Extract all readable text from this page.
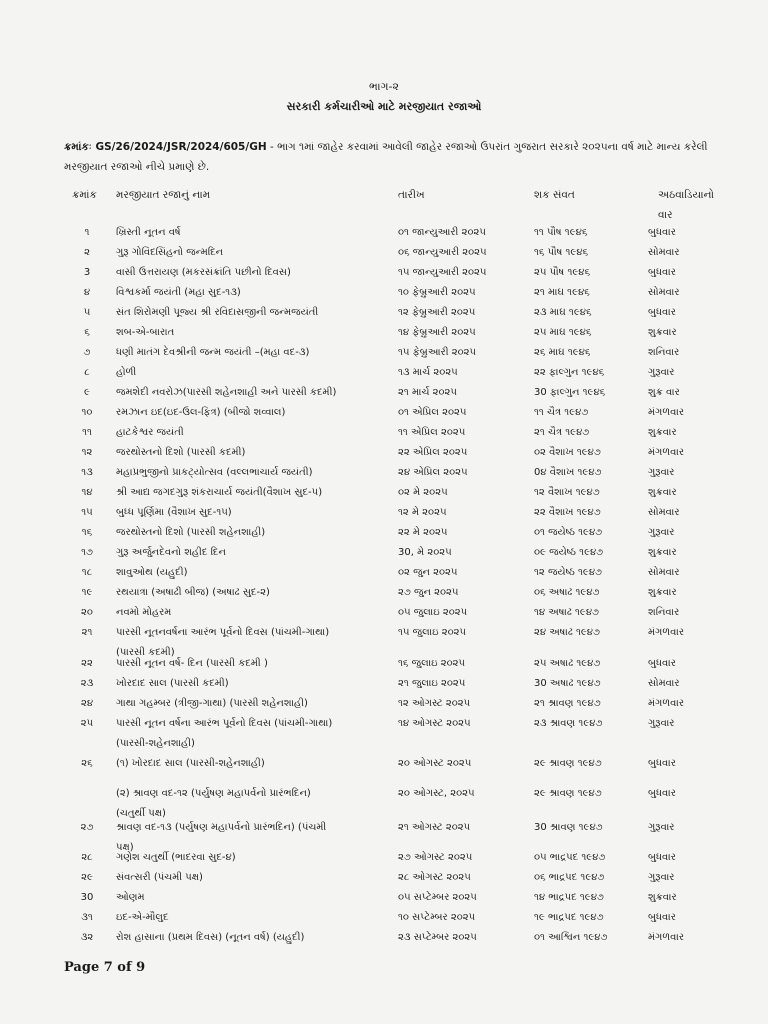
ભાગ-૨
સરકારી કર્મચારીઓ માટે મરજીયાત રજાઓ
ક્રમાંકઃ GS/26/2024/JSR/2024/605/GH - ભાગ ૧માં જાહેર કરવામાં આવેલી જાહેર રજાઓ ઉપરાંત ગુજરાત સરકારે ૨૦૨૫ના વર્ષ માટે માન્ય કરેલી મરજીયાત રજાઓ નીચે પ્રમાણે છે.
ક્રમાંક મરજીયાત રજાનું નામ	તારીખ	શક સંવત	અઠવાડિયાનો
વાર
૧	ખ્રિસ્તી નૂતન વર્ષ	૦૧ જાન્યુઆરી ૨૦૨૫	૧૧ પૌષ ૧૯૪૬	બુધવાર
૨	ગુરૂ ગોવિંદસિંહનો જન્મદિન	૦૬ જાન્યુઆરી ૨૦૨૫	૧૬ પૌષ ૧૯૪૬	સોમવાર
3	વાસી ઉત્તરાયણ (મકરસંક્રાંતિ પછીનો દિવસ)	૧૫ જાન્યુઆરી ૨૦૨૫	૨૫ પૌષ ૧૯૪૬	બુધવાર
૪	વિશ્વકર્મા જયંતી (મહા સુદ-૧૩)	૧૦ ફેબ્રુઆરી ૨૦૨૫	૨૧ માઘ ૧૯૪૬	સોમવાર
૫	સંત શિરોમણી પૂજ્ય શ્રી રવિદાસજીની જન્મજયંતી	૧૨ ફેબ્રુઆરી ૨૦૨૫	૨૩ માઘ ૧૯૪૬	બુધવાર
૬	શબ-એ-બારાત	૧૪ ફેબ્રુઆરી ૨૦૨૫	૨૫ માઘ ૧૯૪૬	શુક્રવાર
૭	ધણી માતંગ દેવશ્રીની જન્મ જયંતી –(મહા વદ-૩)	૧૫ ફેબ્રુઆરી ૨૦૨૫	૨૬ માઘ ૧૯૪૬	શનિવાર
૮	હોળી	૧૩ માર્ચ ૨૦૨૫	૨૨ ફાલ્ગુન ૧૯૪૬	ગુરૂવાર
૯	જમશેદી નવરોઝ(પારસી શહેનશાહી અને પારસી કદમી)	૨૧ માર્ચ ૨૦૨૫	30 ફાલ્ગુન ૧૯૪૬	શુક્ર વાર
૧૦	રમઝાન ઇદ(ઇદ-ઉલ-ફિત્ર) (બીજો શવ્વાલ)	૦૧ એપ્રિલ ૨૦૨૫	૧૧ ચૈત્ર ૧૯૪૭	મંગળવાર
૧૧	હાટકેશ્વર જયંતી	૧૧ એપ્રિલ ૨૦૨૫	૨૧ ચૈત્ર ૧૯૪૭	શુક્રવાર
૧૨	જરથોસ્તનો દિશો (પારસી કદમી)	૨૨ એપ્રિલ ૨૦૨૫	૦૨ વૈશાખ ૧૯૪૭	મંગળવાર
૧૩	મહાપ્રભુજીનો પ્રાકટ્યોત્સવ (વલ્લભાચાર્ય જયંતી)	૨૪ એપ્રિલ ૨૦૨૫	0૪ વૈશાખ ૧૯૪૭	ગુરૂવાર
૧૪	શ્રી આદ્ય જગદગુરૂ શંકરાચાર્ય જયંતી(વૈશાખ સુદ-૫)	૦૨ મે ૨૦૨૫	૧૨ વૈશાખ ૧૯૪૭	શુક્રવાર
૧૫	બુધ્ધ પૂર્ણિમા (વૈશાખ સુદ-૧૫)	૧૨ મે ૨૦૨૫	૨૨ વૈશાખ ૧૯૪૭	સોમવાર
૧૬	જરથોસ્તનો દિશો (પારસી શહેનશાહી)	૨૨ મે ૨૦૨૫	૦૧ જયેષ્ઠ ૧૯૪૭	ગુરૂવાર
૧૭	ગુરૂ અર્જુનદેવનો શહીદ દિન	30, મે ૨૦૨૫	૦૯ જયેષ્ઠ ૧૯૪૭	શુક્રવાર
૧૮	શાવુઓથ (યહુદી)	૦૨ જુન ૨૦૨૫	૧૨ જયેષ્ઠ ૧૯૪૭	સોમવાર
૧૯	રથયાત્રા (અષાઢી બીજ) (અષાઢ સુદ-૨)	૨૭ જુન ૨૦૨૫	૦૬ અષાઢ ૧૯૪૭	શુક્રવાર
૨૦	નવમો મોહરમ	૦૫ જુલાઇ ૨૦૨૫	૧૪ અષાઢ ૧૯૪૭	શનિવાર
૨૧	પારસી નૂતનવર્ષના આરંભ પૂર્વનો દિવસ (પાંચમી-ગાથા)	૧૫ જુલાઇ ૨૦૨૫	૨૪ અષાઢ ૧૯૪૭	મંગળવાર
(પારસી કદમી)
૨૨	પારસી નૂતન વર્ષ- દિન (પારસી કદમી )	૧૬ જુલાઇ ૨૦૨૫	૨૫ અષાઢ ૧૯૪૭	બુધવાર
૨૩	ખોરદાદ સાલ (પારસી કદમી)	૨૧ જુલાઇ ૨૦૨૫	30 અષાઢ ૧૯૪૭	સોમવાર
૨૪	ગાથા ગહમ્બર (ત્રીજી-ગાથા) (પારસી શહેનશાહી)	૧૨ ઓગસ્ટ ૨૦૨૫	૨૧ શ્રાવણ ૧૯૪૭	મંગળવાર
૨૫	પારસી નૂતન વર્ષના આરંભ પૂર્વનો દિવસ (પાંચમી-ગાથા)	૧૪ ઓગસ્ટ ૨૦૨૫	૨૩ શ્રાવણ ૧૯૪૭	ગુરૂવાર
(પારસી-શહેનશાહી)
૨૬	(૧) ખોરદાદ સાલ (પારસી-શહેનશાહી)	૨૦ ઓગસ્ટ ૨૦૨૫	૨૯ શ્રાવણ ૧૯૪૭	બુધવાર
(૨) શ્રાવણ વદ-૧૨ (પર્યુષણ મહાપર્વનો પ્રારંભદિન)	૨૦ ઓગસ્ટ, ૨૦૨૫	૨૯ શ્રાવણ ૧૯૪૭	બુધવાર
(ચતુર્થી પક્ષ)
૨૭	શ્રાવણ વદ-૧૩ (પર્યુષણ મહાપર્વનો પ્રારંભદિન) (પંચમી	૨૧ ઓગસ્ટ ૨૦૨૫	30 શ્રાવણ ૧૯૪૭	ગુરૂવાર
પક્ષ)
૨૮	ગણેશ ચતુર્થી (ભાદરવા સુદ-૪)	૨૭ ઓગસ્ટ ૨૦૨૫	૦૫ ભાદ્રપદ ૧૯૪૭	બુધવાર
૨૯	સંવત્સરી (પંચમી પક્ષ)	૨૮ ઓગસ્ટ ૨૦૨૫	૦૬ ભાદ્રપદ ૧૯૪૭	ગુરૂવાર
30	ઓણમ	૦૫ સપ્ટેમ્બર ૨૦૨૫	૧૪ ભાદ્રપદ ૧૯૪૭	શુક્રવાર
૩૧	ઇદ-એ-મૌલુદ	૧૦ સપ્ટેમ્બર ૨૦૨૫	૧૯ ભાદ્રપદ ૧૯૪૭	બુધવાર
૩૨	રોશ હાસાના (પ્રથમ દિવસ) (નૂતન વર્ષ) (યહુદી)	૨૩ સપ્ટેમ્બર ૨૦૨૫	૦૧ આશ્વિન ૧૯૪૭	મંગળવાર
Page 7 of 9
